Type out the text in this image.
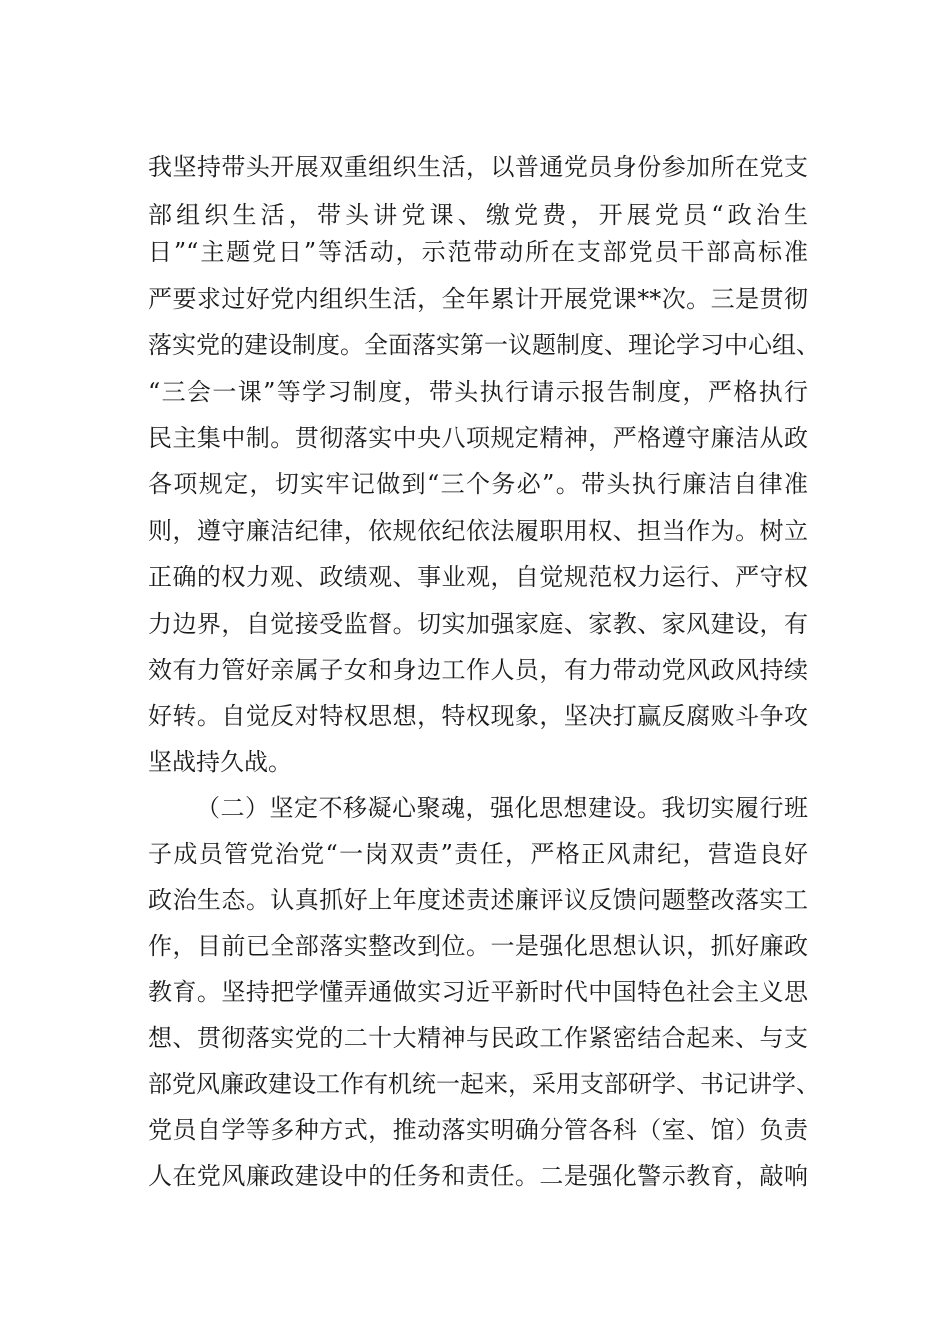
我坚持带头开展双重组织生活，以普通党员身份参加所在党支
部组织生活，带头讲党课、缴党费，开展党员“政治生
日”“主题党日”等活动，示范带动所在支部党员干部高标准
严要求过好党内组织生活，全年累计开展党课**次。三是贯彻
落实党的建设制度。全面落实第一议题制度、理论学习中心组、
“三会一课”等学习制度，带头执行请示报告制度，严格执行
民主集中制。贯彻落实中央八项规定精神，严格遵守廉洁从政
各项规定，切实牢记做到“三个务必”。带头执行廉洁自律准
则，遵守廉洁纪律，依规依纪依法履职用权、担当作为。树立
正确的权力观、政绩观、事业观，自觉规范权力运行、严守权
力边界，自觉接受监督。切实加强家庭、家教、家风建设，有
效有力管好亲属子女和身边工作人员，有力带动党风政风持续
好转。自觉反对特权思想，特权现象，坚决打赢反腐败斗争攻
坚战持久战。
（二）坚定不移凝心聚魂，强化思想建设。我切实履行班
子成员管党治党“一岗双责”责任，严格正风肃纪，营造良好
政治生态。认真抓好上年度述责述廉评议反馈问题整改落实工
作，目前已全部落实整改到位。一是强化思想认识，抓好廉政
教育。坚持把学懂弄通做实习近平新时代中国特色社会主义思
想、贯彻落实党的二十大精神与民政工作紧密结合起来、与支
部党风廉政建设工作有机统一起来，采用支部研学、书记讲学、
党员自学等多种方式，推动落实明确分管各科（室、馆）负责
人在党风廉政建设中的任务和责任。二是强化警示教育，敲响
